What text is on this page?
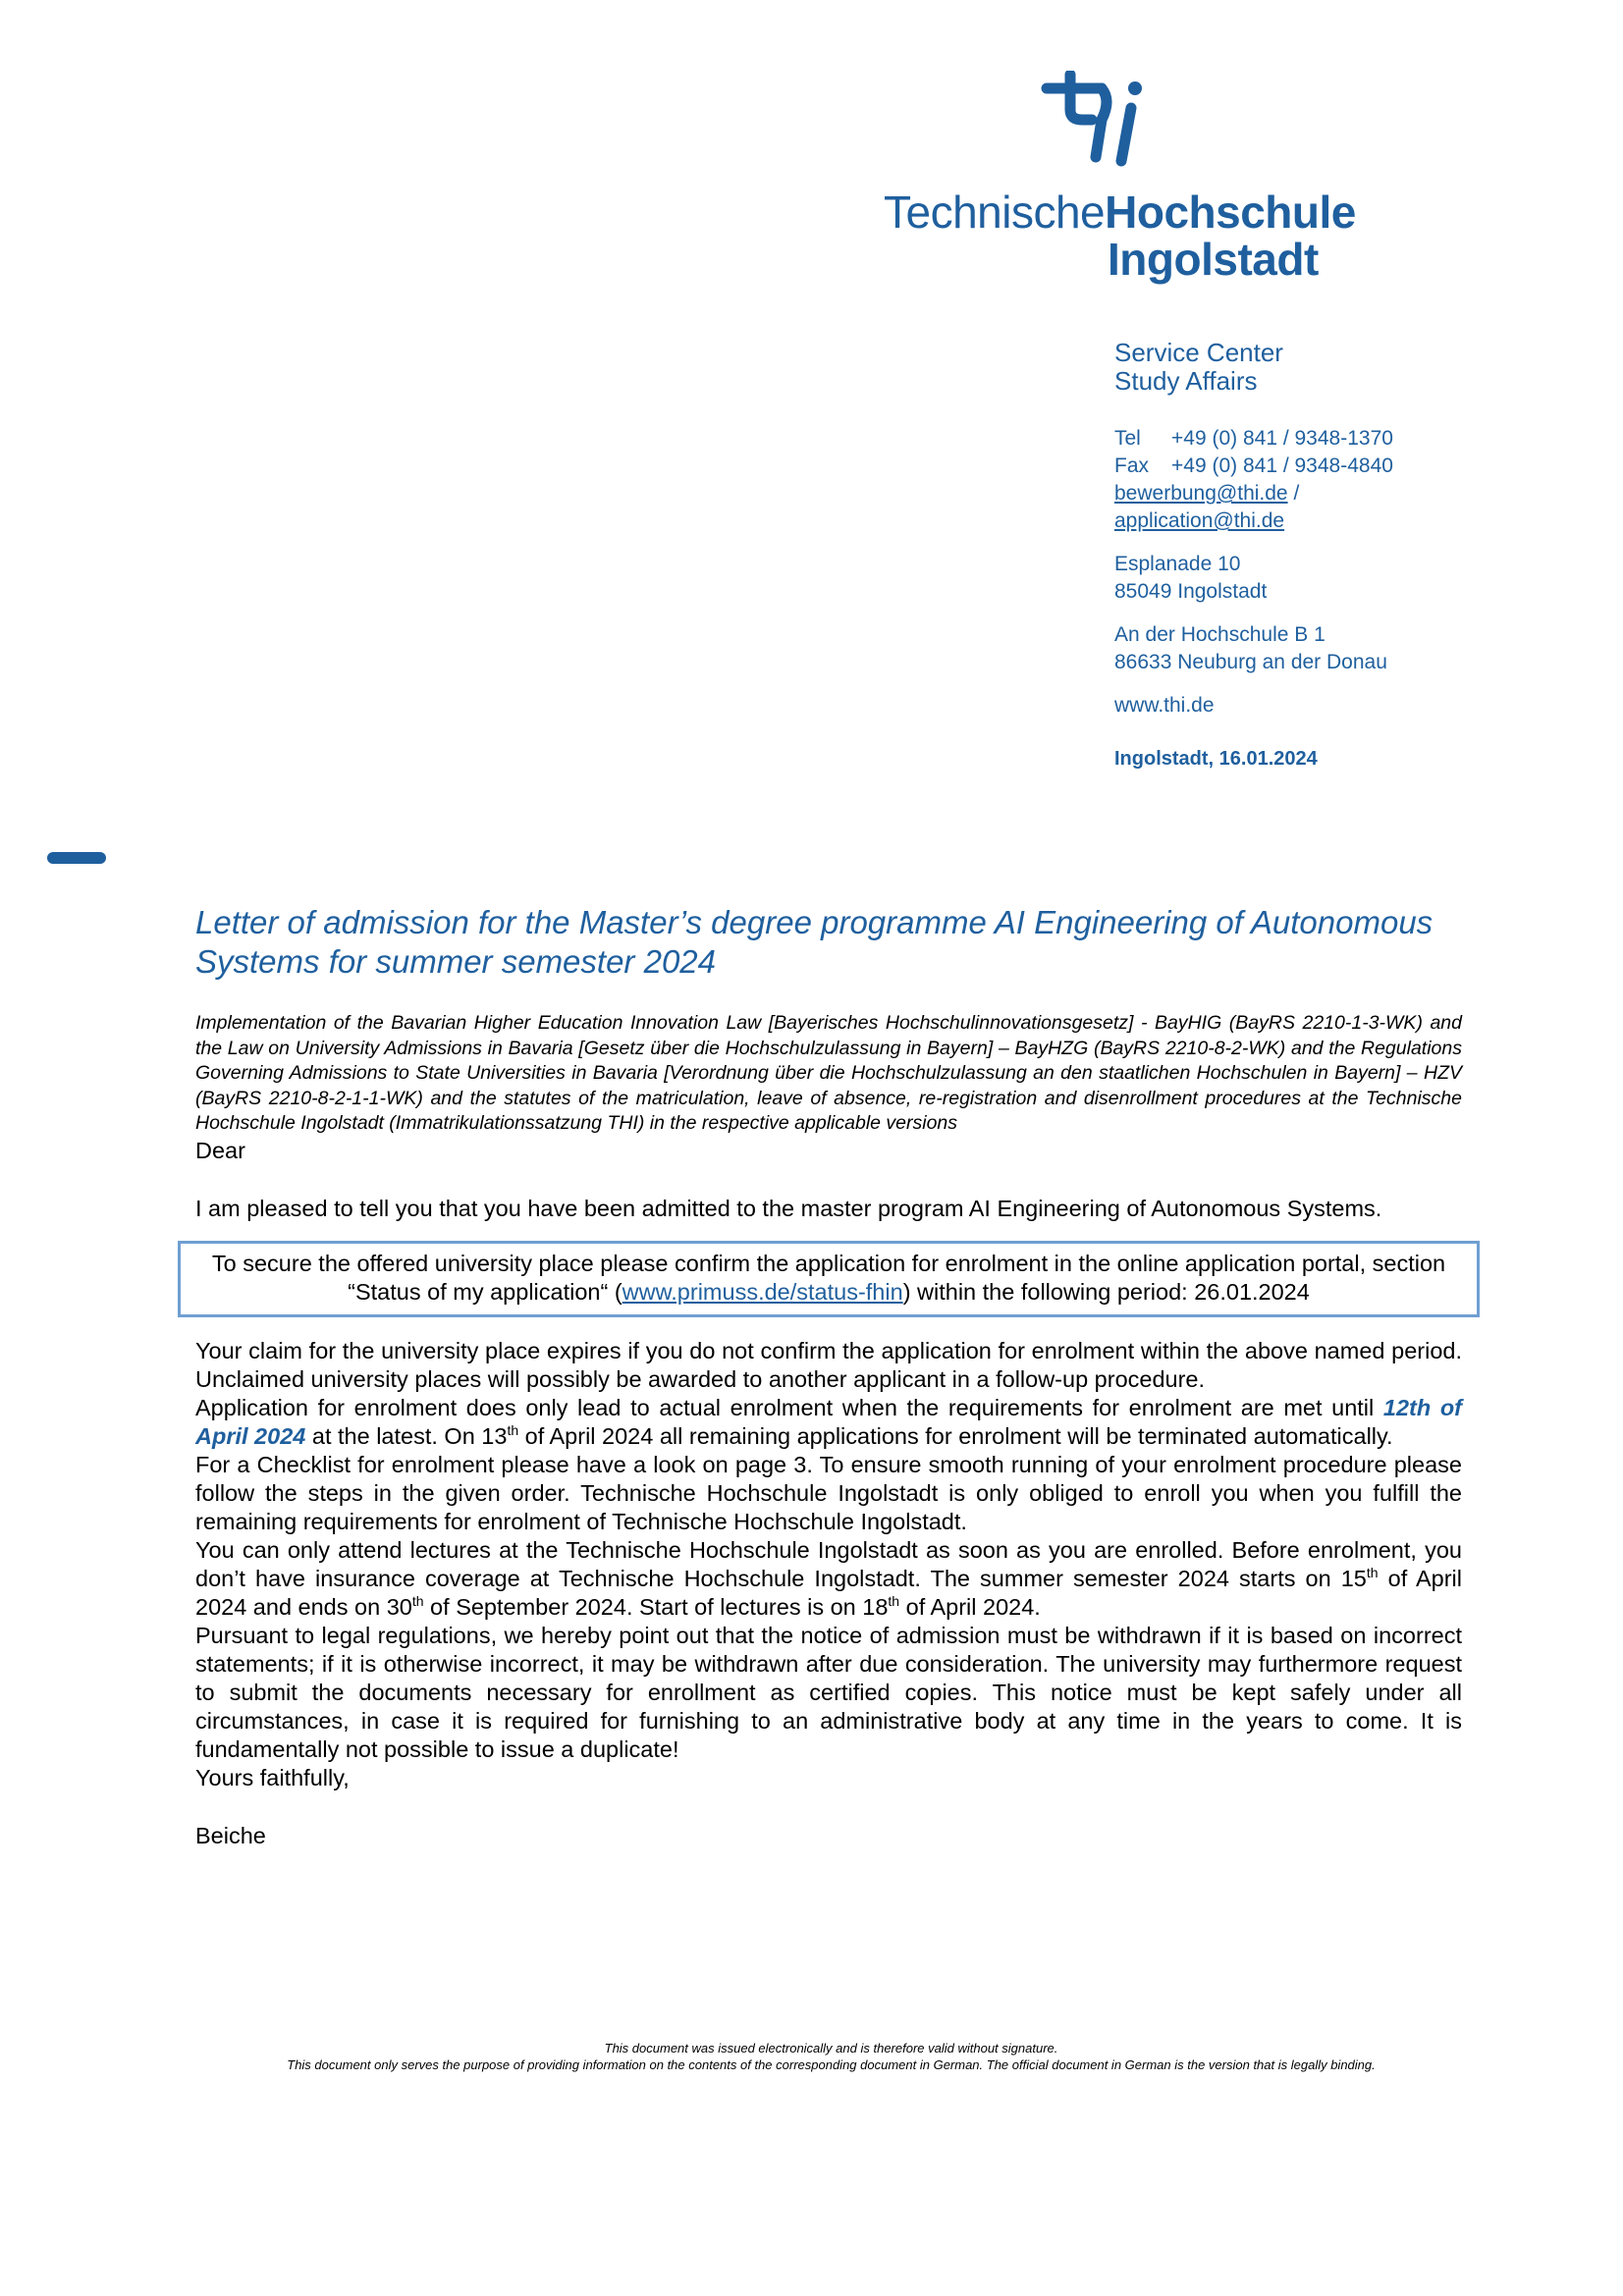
TechnischeHochschule
Ingolstadt
Service Center
Study Affairs
Tel +49 (0) 841 / 9348-1370
Fax +49 (0) 841 / 9348-4840
bewerbung@thi.de /
application@thi.de
Esplanade 10
85049 Ingolstadt
An der Hochschule B 1
86633 Neuburg an der Donau
www.thi.de
Ingolstadt, 16.01.2024
Letter of admission for the Master’s degree programme AI Engineering of Autonomous Systems for summer semester 2024
Implementation of the Bavarian Higher Education Innovation Law [Bayerisches Hochschulinnovationsgesetz] - BayHIG (BayRS 2210-1-3-WK) and the Law on University Admissions in Bavaria [Gesetz über die Hochschulzulassung in Bayern] – BayHZG (BayRS 2210-8-2-WK) and the Regulations Governing Admissions to State Universities in Bavaria [Verordnung über die Hochschulzulassung an den staatlichen Hochschulen in Bayern] – HZV (BayRS 2210-8-2-1-1-WK) and the statutes of the matriculation, leave of absence, re-registration and disenrollment procedures at the Technische Hochschule Ingolstadt (Immatrikulationssatzung THI) in the respective applicable versions

Dear

I am pleased to tell you that you have been admitted to the master program AI Engineering of Autonomous Systems.

To secure the offered university place please confirm the application for enrolment in the online application portal, section “Status of my application“ (www.primuss.de/status-fhin) within the following period: 26.01.2024

Your claim for the university place expires if you do not confirm the application for enrolment within the above named period. Unclaimed university places will possibly be awarded to another applicant in a follow-up procedure.

Application for enrolment does only lead to actual enrolment when the requirements for enrolment are met until 12th of April 2024 at the latest. On 13th of April 2024 all remaining applications for enrolment will be terminated automatically.

For a Checklist for enrolment please have a look on page 3. To ensure smooth running of your enrolment procedure please follow the steps in the given order. Technische Hochschule Ingolstadt is only obliged to enroll you when you fulfill the remaining requirements for enrolment of Technische Hochschule Ingolstadt.

You can only attend lectures at the Technische Hochschule Ingolstadt as soon as you are enrolled. Before enrolment, you don’t have insurance coverage at Technische Hochschule Ingolstadt. The summer semester 2024 starts on 15th of April 2024 and ends on 30th of September 2024. Start of lectures is on 18th of April 2024.

Pursuant to legal regulations, we hereby point out that the notice of admission must be withdrawn if it is based on incorrect statements; if it is otherwise incorrect, it may be withdrawn after due consideration. The university may furthermore request to submit the documents necessary for enrollment as certified copies. This notice must be kept safely under all circumstances, in case it is required for furnishing to an administrative body at any time in the years to come. It is fundamentally not possible to issue a duplicate!

Yours faithfully,

Beiche

This document was issued electronically and is therefore valid without signature.
This document only serves the purpose of providing information on the contents of the corresponding document in German. The official document in German is the version that is legally binding.
